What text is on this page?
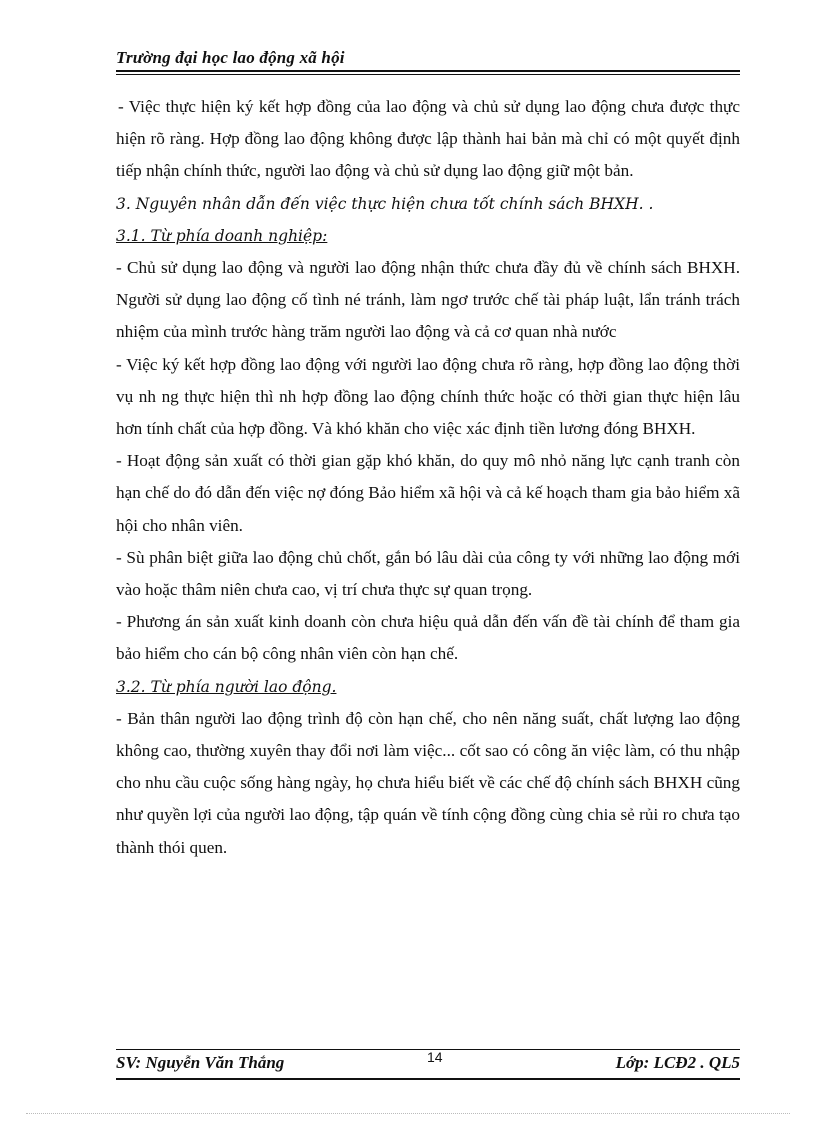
Trường đại học lao động xã hội

- Việc thực hiện ký kết hợp đồng của lao động và chủ sử dụng lao động chưa được thực hiện rõ ràng. Hợp đồng lao động không được lập thành hai bản mà chỉ có một quyết định tiếp nhận chính thức, người lao động và chủ sử dụng lao động giữ một bản.

3. Nguyên nhân dẫn đến việc thực hiện chưa tốt chính sách BHXH. .

3.1. Từ phía doanh nghiệp:

- Chủ sử dụng lao động và người lao động nhận thức chưa đầy đủ về chính sách BHXH. Người sử dụng lao động cố tình né tránh, làm ngơ trước chế tài pháp luật, lẩn tránh trách nhiệm của mình trước hàng trăm người lao động và cả cơ quan nhà nước

- Việc ký kết hợp đồng lao động với người lao động chưa rõ ràng, hợp đồng lao động thời vụ nh ng thực hiện thì nh hợp đồng lao động chính thức hoặc có thời gian thực hiện lâu hơn tính chất của hợp đồng. Và khó khăn cho việc xác định tiền lương đóng BHXH.

- Hoạt động sản xuất có thời gian gặp khó khăn, do quy mô nhỏ năng lực cạnh tranh còn hạn chế do đó dẫn đến việc nợ đóng Bảo hiểm xã hội và cả kế hoạch tham gia bảo hiểm xã hội cho nhân viên.

- Sù phân biệt giữa lao động chủ chốt, gắn bó lâu dài của công ty với những lao động mới vào hoặc thâm niên chưa cao, vị trí chưa thực sự quan trọng.

- Phương án sản xuất kinh doanh còn chưa hiệu quả dẫn đến vấn đề tài chính để tham gia bảo hiểm cho cán bộ công nhân viên còn hạn chế.

3.2. Từ phía người lao động.

- Bản thân người lao động trình độ còn hạn chế, cho nên năng suất, chất lượng lao động không cao, thường xuyên thay đổi nơi làm việc... cốt sao có công ăn việc làm, có thu nhập cho nhu cầu cuộc sống hàng ngày, họ chưa hiểu biết về các chế độ chính sách BHXH cũng như quyền lợi của người lao động, tập quán về tính cộng đồng cùng chia sẻ rủi ro chưa tạo thành thói quen.

SV: Nguyễn Văn Thắng	14	Lớp: LCĐ2 . QL5
